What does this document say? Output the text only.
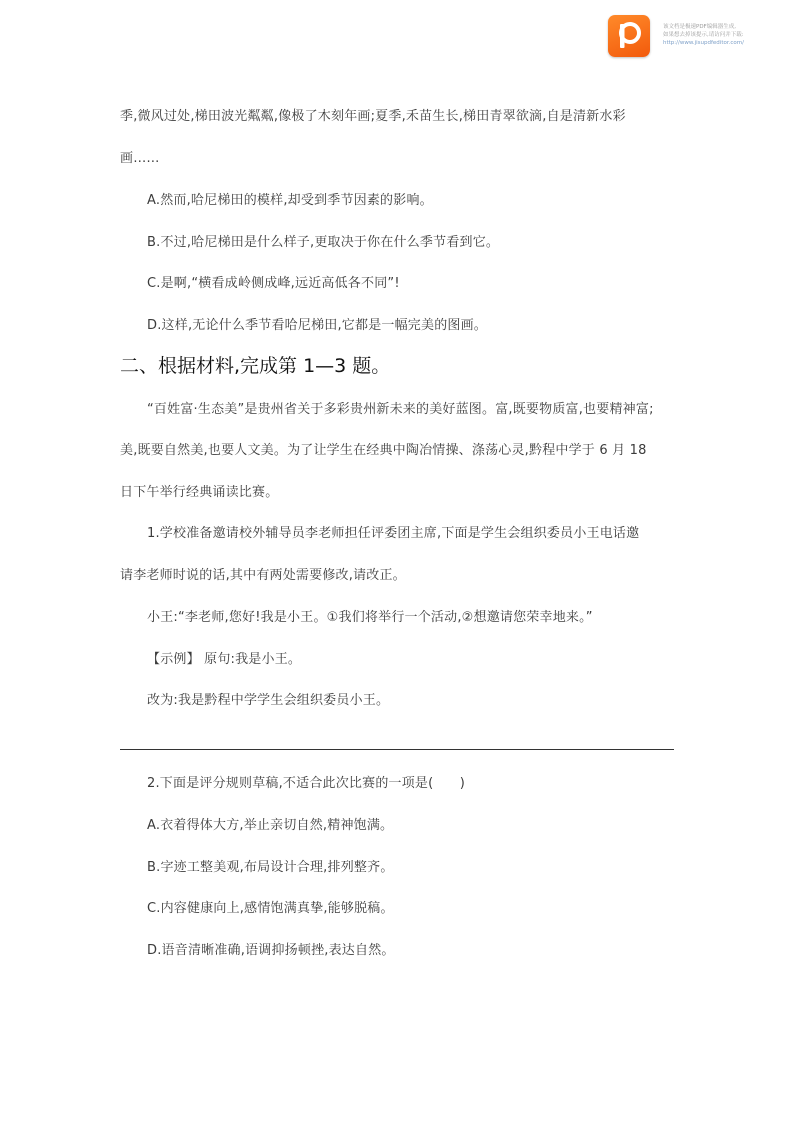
该文档是极速PDF编辑器生成,
如果想去掉该提示,请访问并下载:
http://www.jisupdfeditor.com/
季,微风过处,梯田波光粼粼,像极了木刻年画;夏季,禾苗生长,梯田青翠欲滴,自是清新水彩
画……
A.然而,哈尼梯田的模样,却受到季节因素的影响。
B.不过,哈尼梯田是什么样子,更取决于你在什么季节看到它。
C.是啊,“横看成岭侧成峰,远近高低各不同”!
D.这样,无论什么季节看哈尼梯田,它都是一幅完美的图画。
二、根据材料,完成第 1—3 题。
“百姓富·生态美”是贵州省关于多彩贵州新未来的美好蓝图。富,既要物质富,也要精神富;
美,既要自然美,也要人文美。为了让学生在经典中陶冶情操、涤荡心灵,黔程中学于 6 月 18
日下午举行经典诵读比赛。
1.学校准备邀请校外辅导员李老师担任评委团主席,下面是学生会组织委员小王电话邀
请李老师时说的话,其中有两处需要修改,请改正。
小王:“李老师,您好!我是小王。①我们将举行一个活动,②想邀请您荣幸地来。”
【示例】 原句:我是小王。
改为:我是黔程中学学生会组织委员小王。
2.下面是评分规则草稿,不适合此次比赛的一项是(　　)
A.衣着得体大方,举止亲切自然,精神饱满。
B.字迹工整美观,布局设计合理,排列整齐。
C.内容健康向上,感情饱满真挚,能够脱稿。
D.语音清晰准确,语调抑扬顿挫,表达自然。
